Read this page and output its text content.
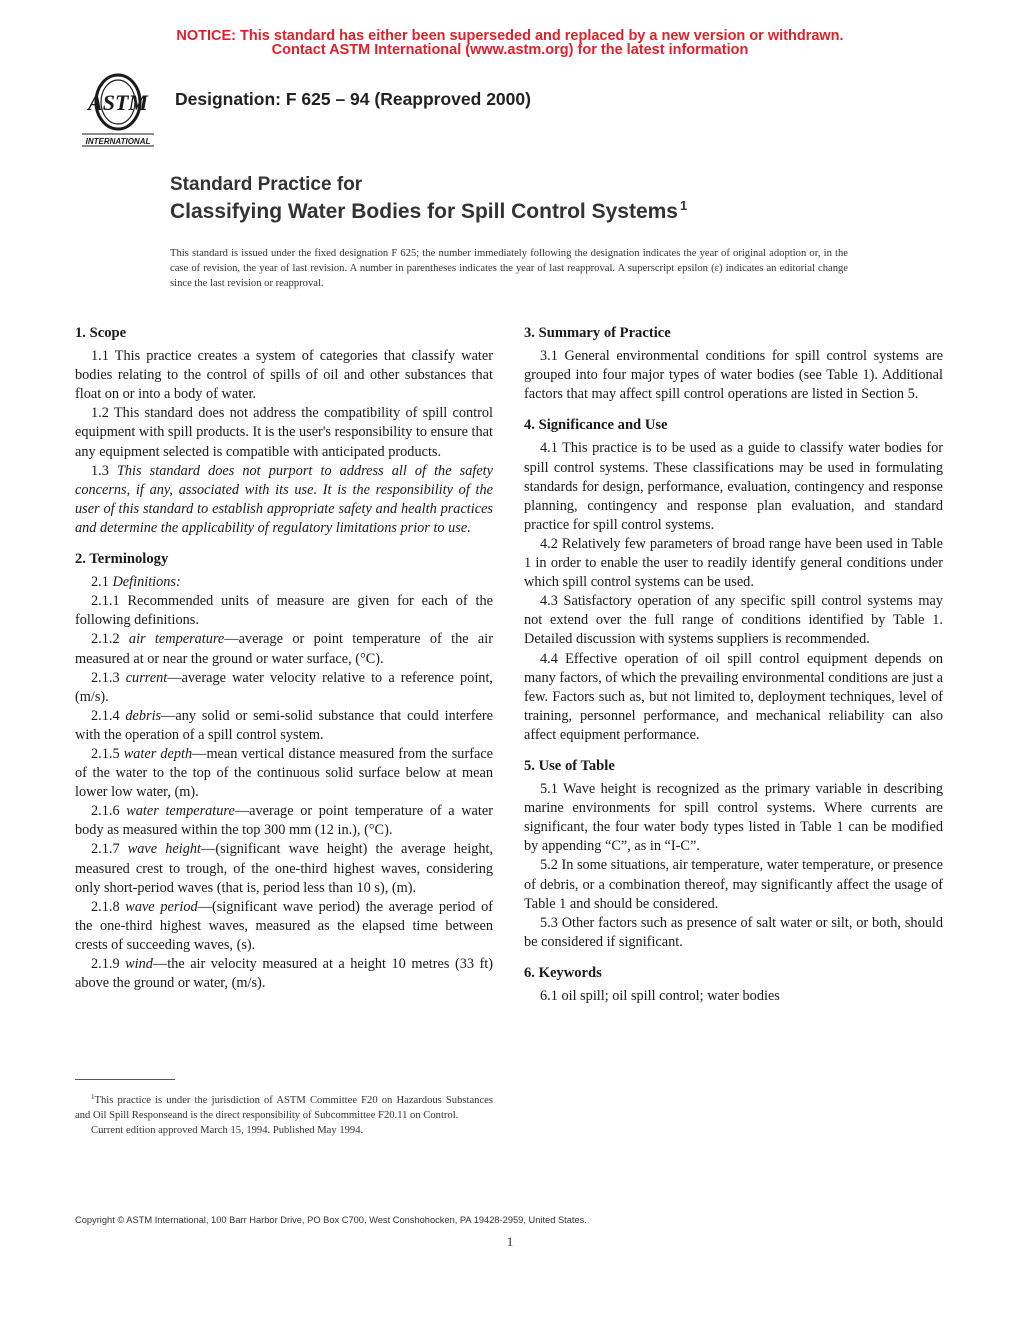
NOTICE: This standard has either been superseded and replaced by a new version or withdrawn.
Contact ASTM International (www.astm.org) for the latest information
ASTM
INTERNATIONAL
Designation: F 625 – 94 (Reapproved 2000)
Standard Practice for
Classifying Water Bodies for Spill Control Systems $^1$
This standard is issued under the fixed designation F 625; the number immediately following the designation indicates the year of original adoption or, in the case of revision, the year of last revision. A number in parentheses indicates the year of last reapproval. A superscript epsilon (ε) indicates an editorial change since the last revision or reapproval.
1. Scope

1.1 This practice creates a system of categories that classify water bodies relating to the control of spills of oil and other substances that float on or into a body of water.

1.2 This standard does not address the compatibility of spill control equipment with spill products. It is the user's responsibility to ensure that any equipment selected is compatible with anticipated products.

1.3 This standard does not purport to address all of the safety concerns, if any, associated with its use. It is the responsibility of the user of this standard to establish appropriate safety and health practices and determine the applicability of regulatory limitations prior to use.

2. Terminology

2.1 Definitions:

2.1.1 Recommended units of measure are given for each of the following definitions.

2.1.2 air temperature—average or point temperature of the air measured at or near the ground or water surface, (°C).

2.1.3 current—average water velocity relative to a reference point, (m/s).

2.1.4 debris—any solid or semi-solid substance that could interfere with the operation of a spill control system.

2.1.5 water depth—mean vertical distance measured from the surface of the water to the top of the continuous solid surface below at mean lower low water, (m).

2.1.6 water temperature—average or point temperature of a water body as measured within the top 300 mm (12 in.), (°C).

2.1.7 wave height—(significant wave height) the average height, measured crest to trough, of the one-third highest waves, considering only short-period waves (that is, period less than 10 s), (m).

2.1.8 wave period—(significant wave period) the average period of the one-third highest waves, measured as the elapsed time between crests of succeeding waves, (s).

2.1.9 wind—the air velocity measured at a height 10 metres (33 ft) above the ground or water, (m/s).

3. Summary of Practice

3.1 General environmental conditions for spill control systems are grouped into four major types of water bodies (see Table 1). Additional factors that may affect spill control operations are listed in Section 5.

4. Significance and Use

4.1 This practice is to be used as a guide to classify water bodies for spill control systems. These classifications may be used in formulating standards for design, performance, evaluation, contingency and response planning, contingency and response plan evaluation, and standard practice for spill control systems.

4.2 Relatively few parameters of broad range have been used in Table 1 in order to enable the user to readily identify general conditions under which spill control systems can be used.

4.3 Satisfactory operation of any specific spill control systems may not extend over the full range of conditions identified by Table 1. Detailed discussion with systems suppliers is recommended.

4.4 Effective operation of oil spill control equipment depends on many factors, of which the prevailing environmental conditions are just a few. Factors such as, but not limited to, deployment techniques, level of training, personnel performance, and mechanical reliability can also affect equipment performance.

5. Use of Table

5.1 Wave height is recognized as the primary variable in describing marine environments for spill control systems. Where currents are significant, the four water body types listed in Table 1 can be modified by appending “C”, as in “I-C”.

5.2 In some situations, air temperature, water temperature, or presence of debris, or a combination thereof, may significantly affect the usage of Table 1 and should be considered.

5.3 Other factors such as presence of salt water or silt, or both, should be considered if significant.

6. Keywords

6.1 oil spill; oil spill control; water bodies

$^1$This practice is under the jurisdiction of ASTM Committee F20 on Hazardous Substances and Oil Spill Responseand is the direct responsibility of Subcommittee F20.11 on Control.

Current edition approved March 15, 1994. Published May 1994.

Copyright © ASTM International, 100 Barr Harbor Drive, PO Box C700, West Conshohocken, PA 19428-2959, United States.
1
